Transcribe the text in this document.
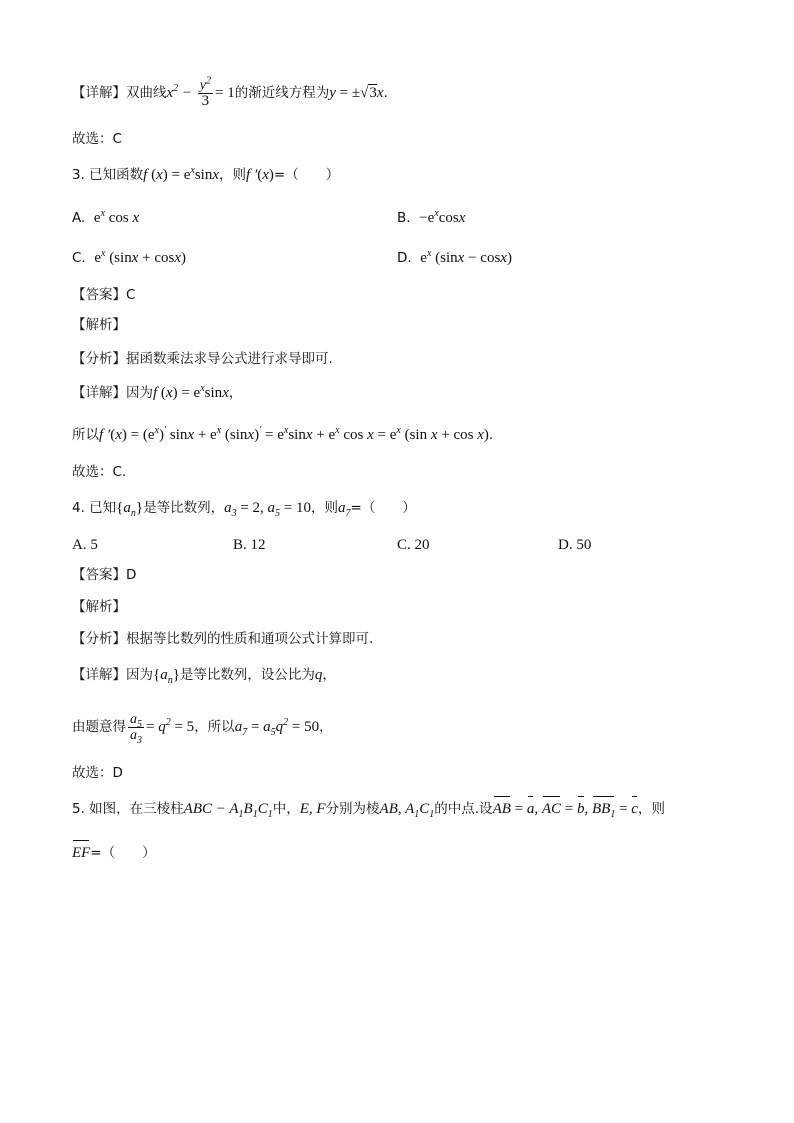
【详解】双曲线$x^2 - \frac{y^2}{3} = 1$的渐近线方程为y = ±√3x.
故选：C
3. 已知函数f $(x) = e^x\sin x$，则f ′(x)=（　　）
A. $e^x$ cos x	B. $-e^x\cos x$
C. $e^x$ (sinx + cosx)	D. $e^x$ (sinx − cosx)
【答案】C
【解析】
【分析】据函数乘法求导公式进行求导即可.
【详解】因为f $(x) = e^x\sin x$，
所以f $'(x) = (e^x)'$ $\sin x + e^x$ $(\sin x)' = e^x\sin x + e^x$ $\cos x = e^x$ (sin x + cos x).
故选：C.
4. 已知$\{a_n\}$是等比数列，$a_3 = 2$, $a_5 = 10$，则$a_7=$（　　）
A. 5	B. 12	C. 20	D. 50
【答案】D
【解析】
【分析】根据等比数列的性质和通项公式计算即可.
【详解】因为$\{a_n\}$是等比数列，设公比为q，
由题意得 $\frac{a_5}{a_3} = q^2 = 5$，所以$a_7 = a_5q^2 = 50$，
故选：D
5. 如图，在三棱柱ABC − $A_1B_1C_1$中，E, F分别为棱AB, $A_1C_1$的中点.设AB = a, AC = b, $BB_1 = c$，则
EF=（　　）
